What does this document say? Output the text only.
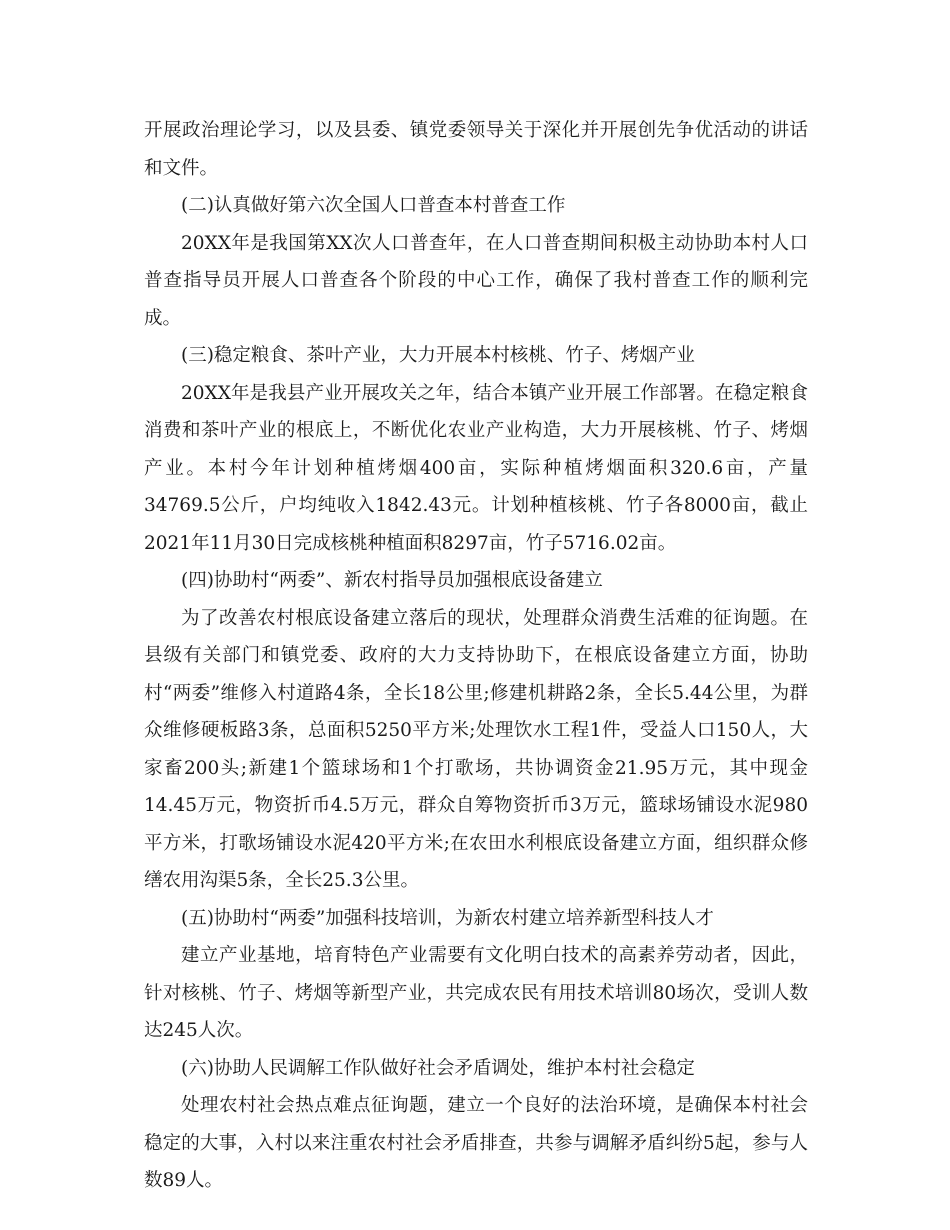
开展政治理论学习，以及县委、镇党委领导关于深化并开展创先争优活动的讲话和文件。

(二)认真做好第六次全国人口普查本村普查工作

20XX年是我国第XX次人口普查年，在人口普查期间积极主动协助本村人口普查指导员开展人口普查各个阶段的中心工作，确保了我村普查工作的顺利完成。

(三)稳定粮食、茶叶产业，大力开展本村核桃、竹子、烤烟产业

20XX年是我县产业开展攻关之年，结合本镇产业开展工作部署。在稳定粮食消费和茶叶产业的根底上，不断优化农业产业构造，大力开展核桃、竹子、烤烟产业。本村今年计划种植烤烟400亩，实际种植烤烟面积320.6亩，产量34769.5公斤，户均纯收入1842.43元。计划种植核桃、竹子各8000亩，截止2021年11月30日完成核桃种植面积8297亩，竹子5716.02亩。

(四)协助村“两委”、新农村指导员加强根底设备建立

为了改善农村根底设备建立落后的现状，处理群众消费生活难的征询题。在县级有关部门和镇党委、政府的大力支持协助下，在根底设备建立方面，协助村“两委”维修入村道路4条，全长18公里;修建机耕路2条，全长5.44公里，为群众维修硬板路3条，总面积5250平方米;处理饮水工程1件，受益人口150人，大家畜200头;新建1个篮球场和1个打歌场，共协调资金21.95万元，其中现金14.45万元，物资折币4.5万元，群众自筹物资折币3万元，篮球场铺设水泥980平方米，打歌场铺设水泥420平方米;在农田水利根底设备建立方面，组织群众修缮农用沟渠5条，全长25.3公里。

(五)协助村“两委”加强科技培训，为新农村建立培养新型科技人才

建立产业基地，培育特色产业需要有文化明白技术的高素养劳动者，因此，针对核桃、竹子、烤烟等新型产业，共完成农民有用技术培训80场次，受训人数达245人次。

(六)协助人民调解工作队做好社会矛盾调处，维护本村社会稳定

处理农村社会热点难点征询题，建立一个良好的法治环境，是确保本村社会稳定的大事，入村以来注重农村社会矛盾排查，共参与调解矛盾纠纷5起，参与人数89人。
